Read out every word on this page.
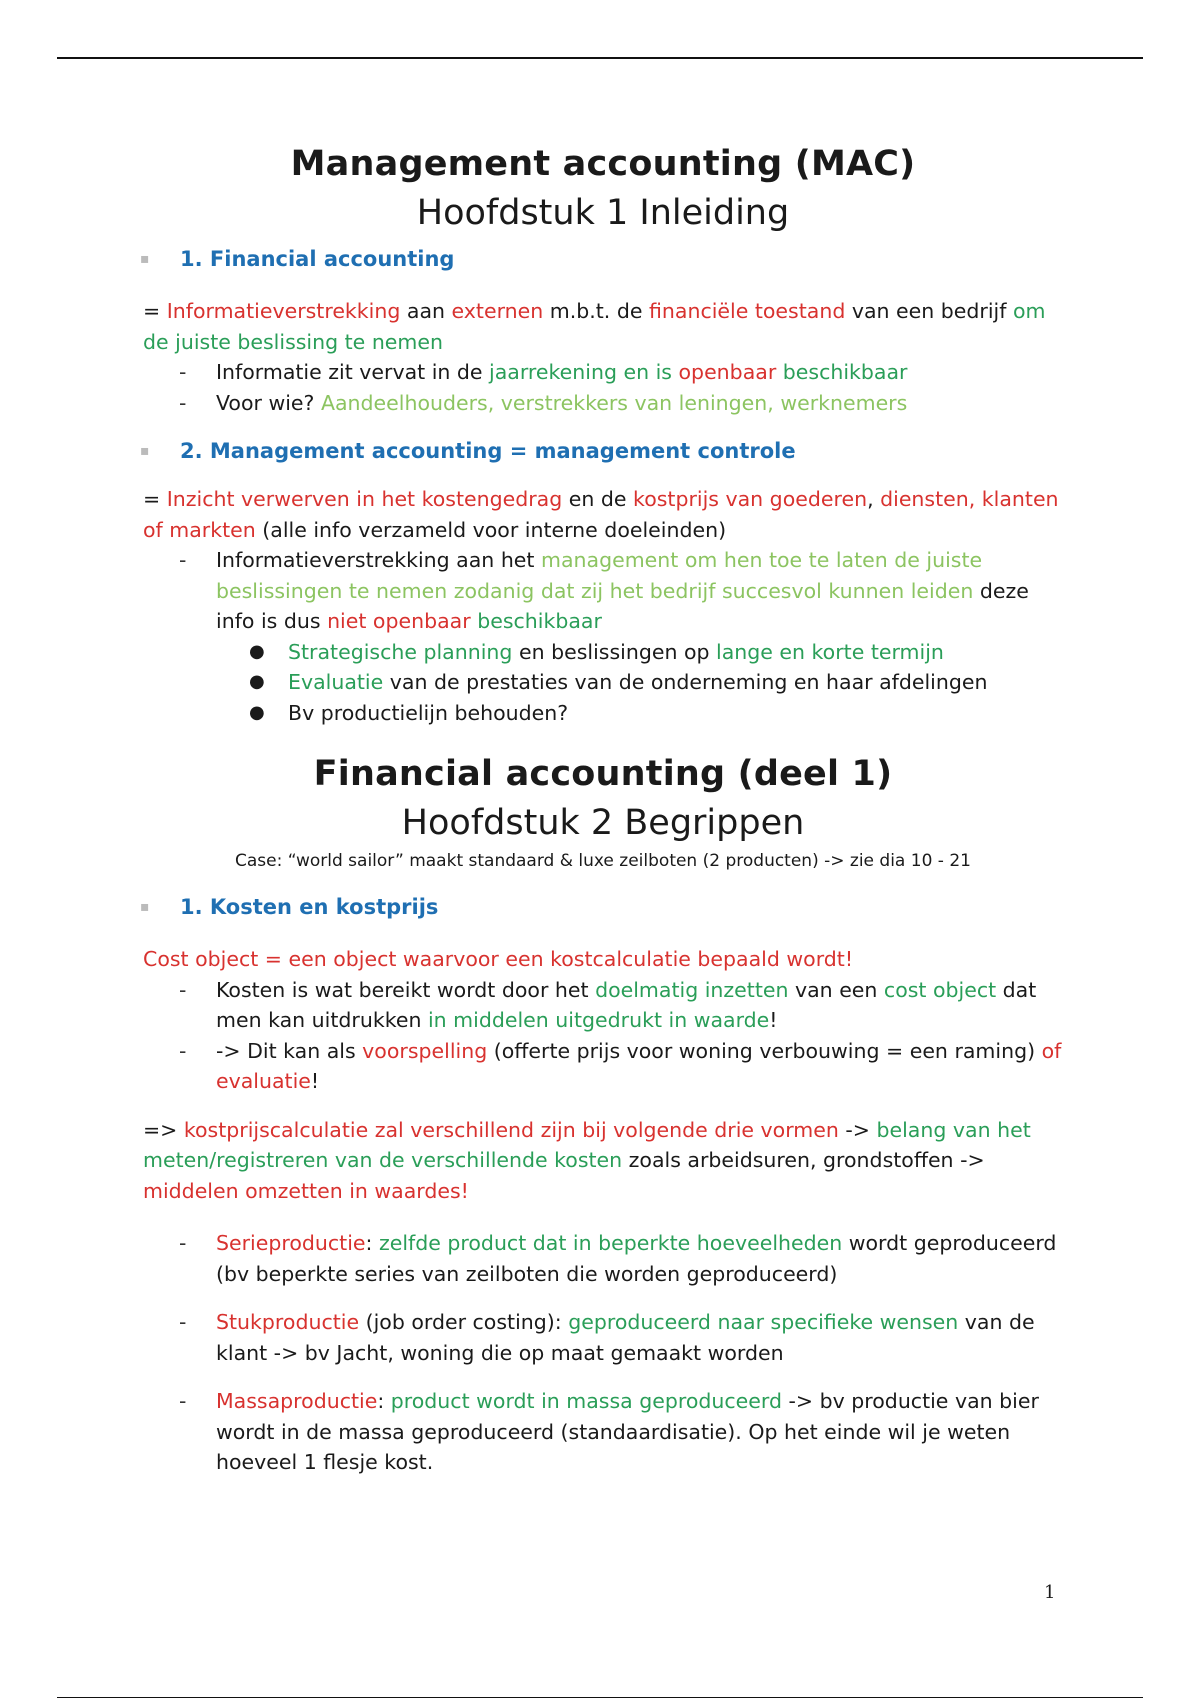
Management accounting (MAC)
Hoofdstuk 1 Inleiding
▪ 1. Financial accounting

= Informatieverstrekking aan externen m.b.t. de financiële toestand van een bedrijf om de juiste beslissing te nemen

- Informatie zit vervat in de jaarrekening en is openbaar beschikbaar
- Voor wie? Aandeelhouders, verstrekkers van leningen, werknemers
▪ 2. Management accounting = management controle

= Inzicht verwerven in het kostengedrag en de kostprijs van goederen, diensten, klanten of markten (alle info verzameld voor interne doeleinden)

- Informatieverstrekking aan het management om hen toe te laten de juiste beslissingen te nemen zodanig dat zij het bedrijf succesvol kunnen leiden deze info is dus niet openbaar beschikbaar
● Strategische planning en beslissingen op lange en korte termijn
● Evaluatie van de prestaties van de onderneming en haar afdelingen
● Bv productielijn behouden?
Financial accounting (deel 1)
Hoofdstuk 2 Begrippen
Case: “world sailor” maakt standaard & luxe zeilboten (2 producten) -> zie dia 10 - 21
▪ 1. Kosten en kostprijs

Cost object = een object waarvoor een kostcalculatie bepaald wordt!

- Kosten is wat bereikt wordt door het doelmatig inzetten van een cost object dat men kan uitdrukken in middelen uitgedrukt in waarde!
- -> Dit kan als voorspelling (offerte prijs voor woning verbouwing = een raming) of evaluatie!

=> kostprijscalculatie zal verschillend zijn bij volgende drie vormen -> belang van het meten/registreren van de verschillende kosten zoals arbeidsuren, grondstoffen -> middelen omzetten in waardes!

- Serieproductie: zelfde product dat in beperkte hoeveelheden wordt geproduceerd (bv beperkte series van zeilboten die worden geproduceerd)
- Stukproductie (job order costing): geproduceerd naar specifieke wensen van de klant -> bv Jacht, woning die op maat gemaakt worden
- Massaproductie: product wordt in massa geproduceerd -> bv productie van bier wordt in de massa geproduceerd (standaardisatie). Op het einde wil je weten hoeveel 1 flesje kost.
1
